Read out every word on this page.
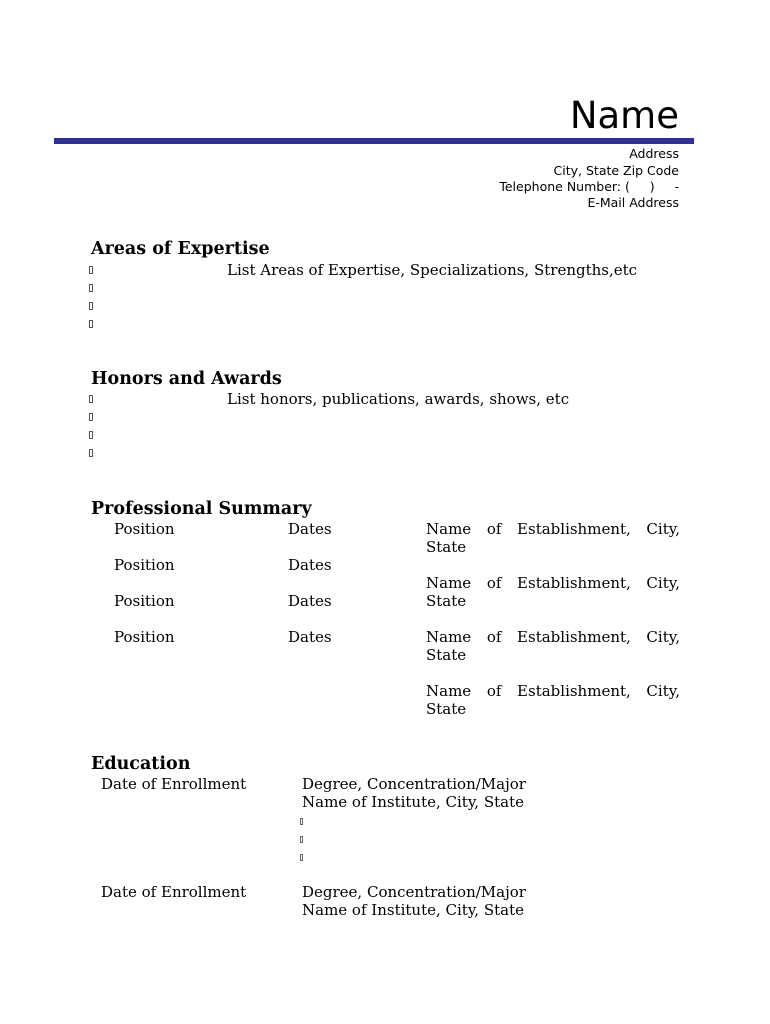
Name
Address
City, State Zip Code
Telephone Number: (     )     -
E-Mail Address
Areas of Expertise
List Areas of Expertise, Specializations, Strengths,etc
Honors and Awards
List honors, publications, awards, shows, etc
Professional Summary
Position
Position
Position
Position
Dates
Dates
Dates
Dates
Name of Establishment, City,
State
Name of Establishment, City,
State
Name of Establishment, City,
State
Name of Establishment, City,
State
Education
Date of Enrollment	Degree, Concentration/Major
Name of Institute, City, State
Date of Enrollment	Degree, Concentration/Major
Name of Institute, City, State
